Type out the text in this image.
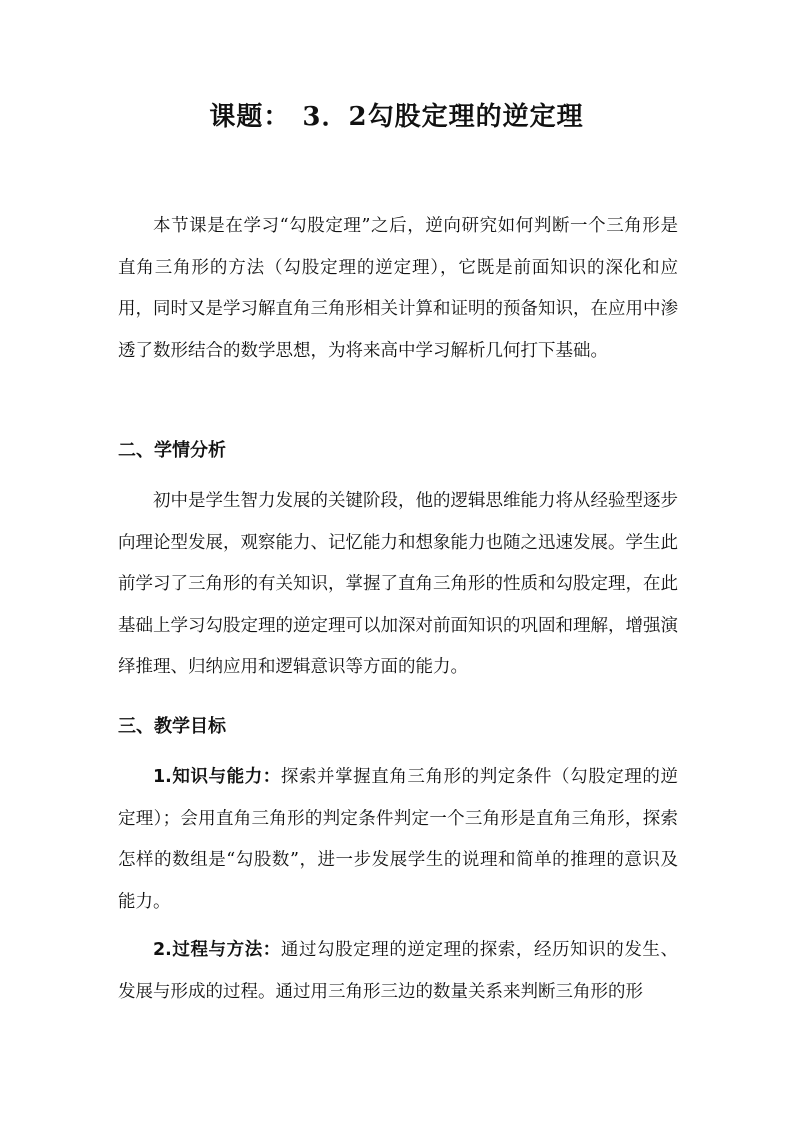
课题： 3．2勾股定理的逆定理

本节课是在学习“勾股定理”之后，逆向研究如何判断一个三角形是直角三角形的方法（勾股定理的逆定理），它既是前面知识的深化和应用，同时又是学习解直角三角形相关计算和证明的预备知识，在应用中渗透了数形结合的数学思想，为将来高中学习解析几何打下基础。

二、学情分析

初中是学生智力发展的关键阶段，他的逻辑思维能力将从经验型逐步向理论型发展，观察能力、记忆能力和想象能力也随之迅速发展。学生此前学习了三角形的有关知识，掌握了直角三角形的性质和勾股定理，在此基础上学习勾股定理的逆定理可以加深对前面知识的巩固和理解，增强演绎推理、归纳应用和逻辑意识等方面的能力。

三、教学目标

1.知识与能力：探索并掌握直角三角形的判定条件（勾股定理的逆定理）；会用直角三角形的判定条件判定一个三角形是直角三角形，探索怎样的数组是“勾股数”，进一步发展学生的说理和简单的推理的意识及能力。

2.过程与方法：通过勾股定理的逆定理的探索，经历知识的发生、发展与形成的过程。通过用三角形三边的数量关系来判断三角形的形
